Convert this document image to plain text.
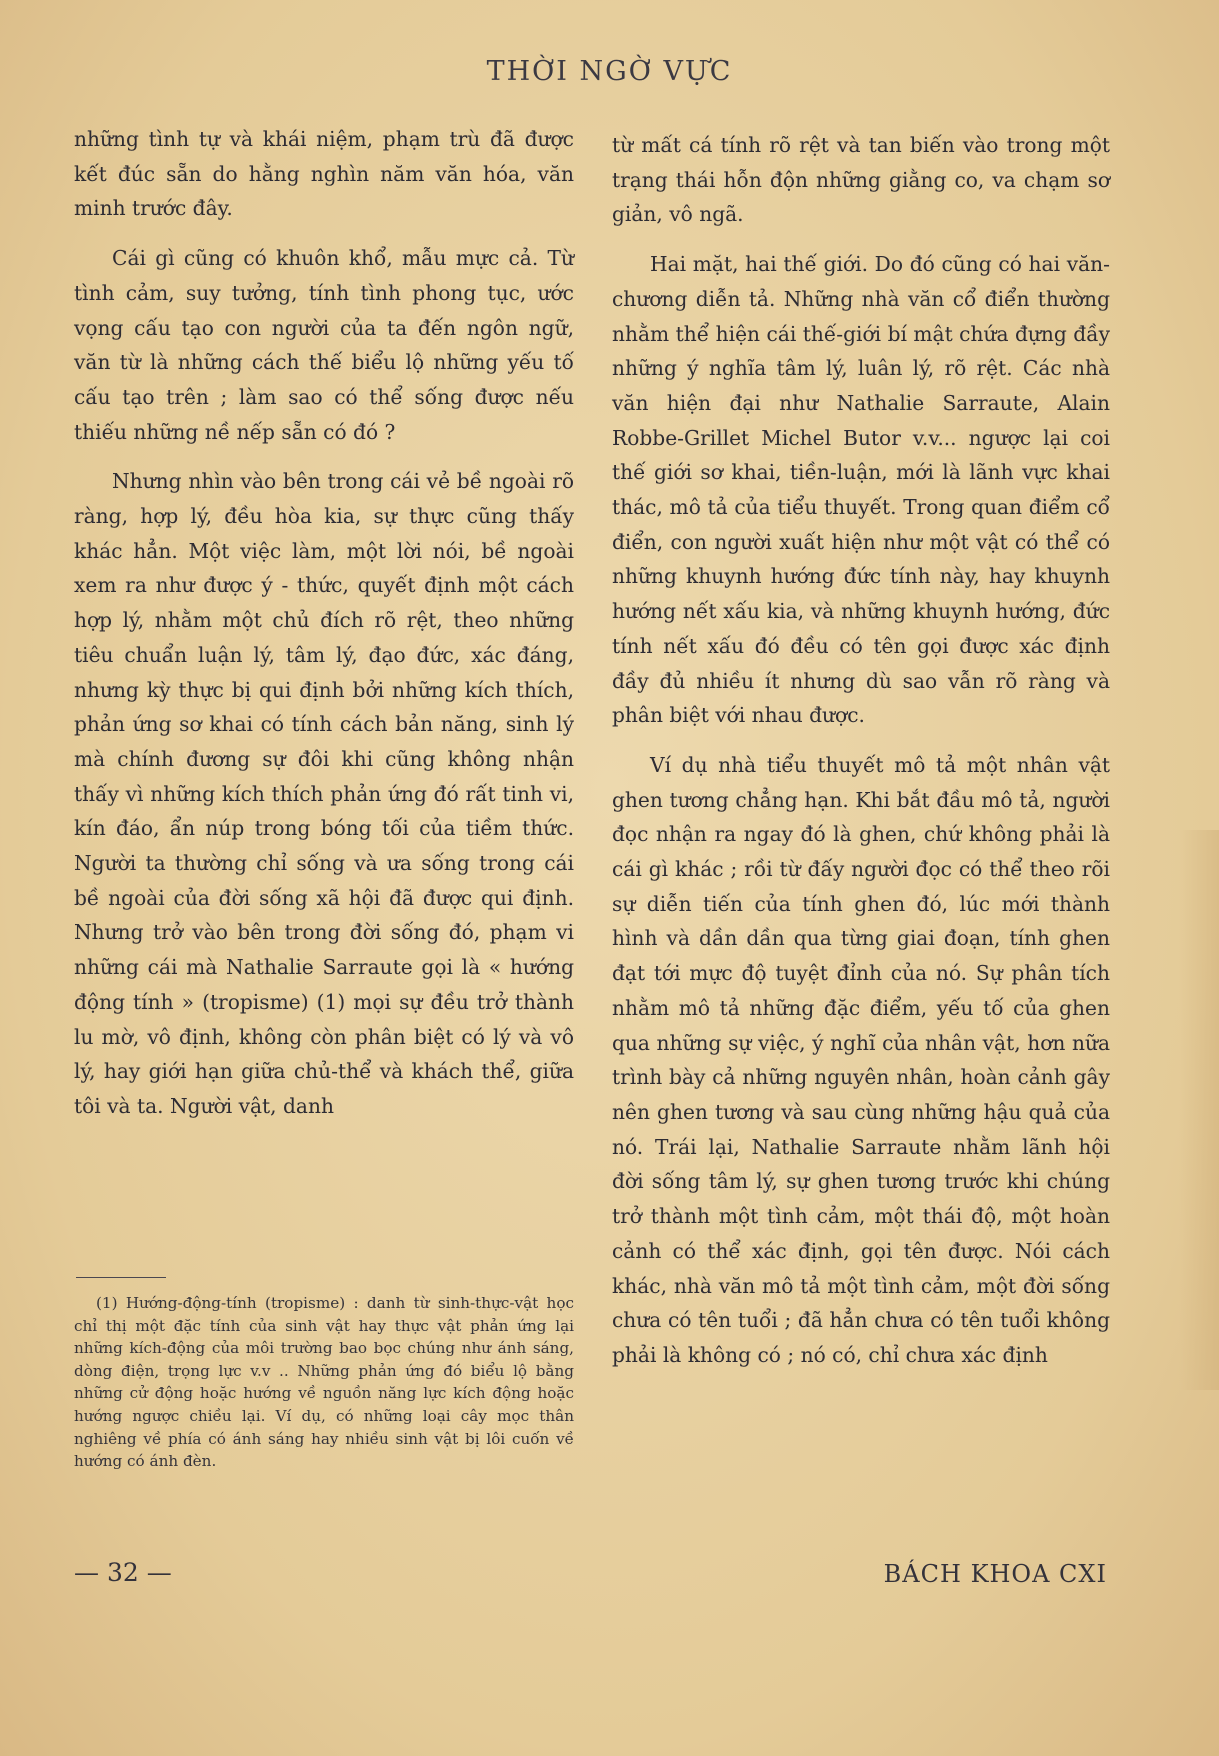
THỜI NGỜ VỰC

những tình tự và khái niệm, phạm trù đã được kết đúc sẵn do hằng nghìn năm văn hóa, văn minh trước đây.

Cái gì cũng có khuôn khổ, mẫu mực cả. Từ tình cảm, suy tưởng, tính tình phong tục, ước vọng cấu tạo con người của ta đến ngôn ngữ, văn từ là những cách thế biểu lộ những yếu tố cấu tạo trên ; làm sao có thể sống được nếu thiếu những nề nếp sẵn có đó ?

Nhưng nhìn vào bên trong cái vẻ bề ngoài rõ ràng, hợp lý, đều hòa kia, sự thực cũng thấy khác hẳn. Một việc làm, một lời nói, bề ngoài xem ra như được ý - thức, quyết định một cách hợp lý, nhằm một chủ đích rõ rệt, theo những tiêu chuẩn luận lý, tâm lý, đạo đức, xác đáng, nhưng kỳ thực bị qui định bởi những kích thích, phản ứng sơ khai có tính cách bản năng, sinh lý mà chính đương sự đôi khi cũng không nhận thấy vì những kích thích phản ứng đó rất tinh vi, kín đáo, ẩn núp trong bóng tối của tiềm thức. Người ta thường chỉ sống và ưa sống trong cái bề ngoài của đời sống xã hội đã được qui định. Nhưng trở vào bên trong đời sống đó, phạm vi những cái mà Nathalie Sarraute gọi là « hướng động tính » (tropisme) (1) mọi sự đều trở thành lu mờ, vô định, không còn phân biệt có lý và vô lý, hay giới hạn giữa chủ-thể và khách thể, giữa tôi và ta. Người vật, danh

(1) Hướng-động-tính (tropisme) : danh từ sinh-thực-vật học chỉ thị một đặc tính của sinh vật hay thực vật phản ứng lại những kích-động của môi trường bao bọc chúng như ánh sáng, dòng điện, trọng lực v.v .. Những phản ứng đó biểu lộ bằng những cử động hoặc hướng về nguồn năng lực kích động hoặc hướng ngược chiều lại. Ví dụ, có những loại cây mọc thân nghiêng về phía có ánh sáng hay nhiều sinh vật bị lôi cuốn về hướng có ánh đèn.

từ mất cá tính rõ rệt và tan biến vào trong một trạng thái hỗn độn những giằng co, va chạm sơ giản, vô ngã.

Hai mặt, hai thế giới. Do đó cũng có hai văn-chương diễn tả. Những nhà văn cổ điển thường nhằm thể hiện cái thế-giới bí mật chứa đựng đầy những ý nghĩa tâm lý, luân lý, rõ rệt. Các nhà văn hiện đại như Nathalie Sarraute, Alain Robbe-Grillet Michel Butor v.v... ngược lại coi thế giới sơ khai, tiền-luận, mới là lãnh vực khai thác, mô tả của tiểu thuyết. Trong quan điểm cổ điển, con người xuất hiện như một vật có thể có những khuynh hướng đức tính này, hay khuynh hướng nết xấu kia, và những khuynh hướng, đức tính nết xấu đó đều có tên gọi được xác định đầy đủ nhiều ít nhưng dù sao vẫn rõ ràng và phân biệt với nhau được.

Ví dụ nhà tiểu thuyết mô tả một nhân vật ghen tương chẳng hạn. Khi bắt đầu mô tả, người đọc nhận ra ngay đó là ghen, chứ không phải là cái gì khác ; rồi từ đấy người đọc có thể theo rõi sự diễn tiến của tính ghen đó, lúc mới thành hình và dần dần qua từng giai đoạn, tính ghen đạt tới mực độ tuyệt đỉnh của nó. Sự phân tích nhằm mô tả những đặc điểm, yếu tố của ghen qua những sự việc, ý nghĩ của nhân vật, hơn nữa trình bày cả những nguyên nhân, hoàn cảnh gây nên ghen tương và sau cùng những hậu quả của nó. Trái lại, Nathalie Sarraute nhằm lãnh hội đời sống tâm lý, sự ghen tương trước khi chúng trở thành một tình cảm, một thái độ, một hoàn cảnh có thể xác định, gọi tên được. Nói cách khác, nhà văn mô tả một tình cảm, một đời sống chưa có tên tuổi ; đã hẳn chưa có tên tuổi không phải là không có ; nó có, chỉ chưa xác định

— 32 —	BÁCH KHOA CXI
